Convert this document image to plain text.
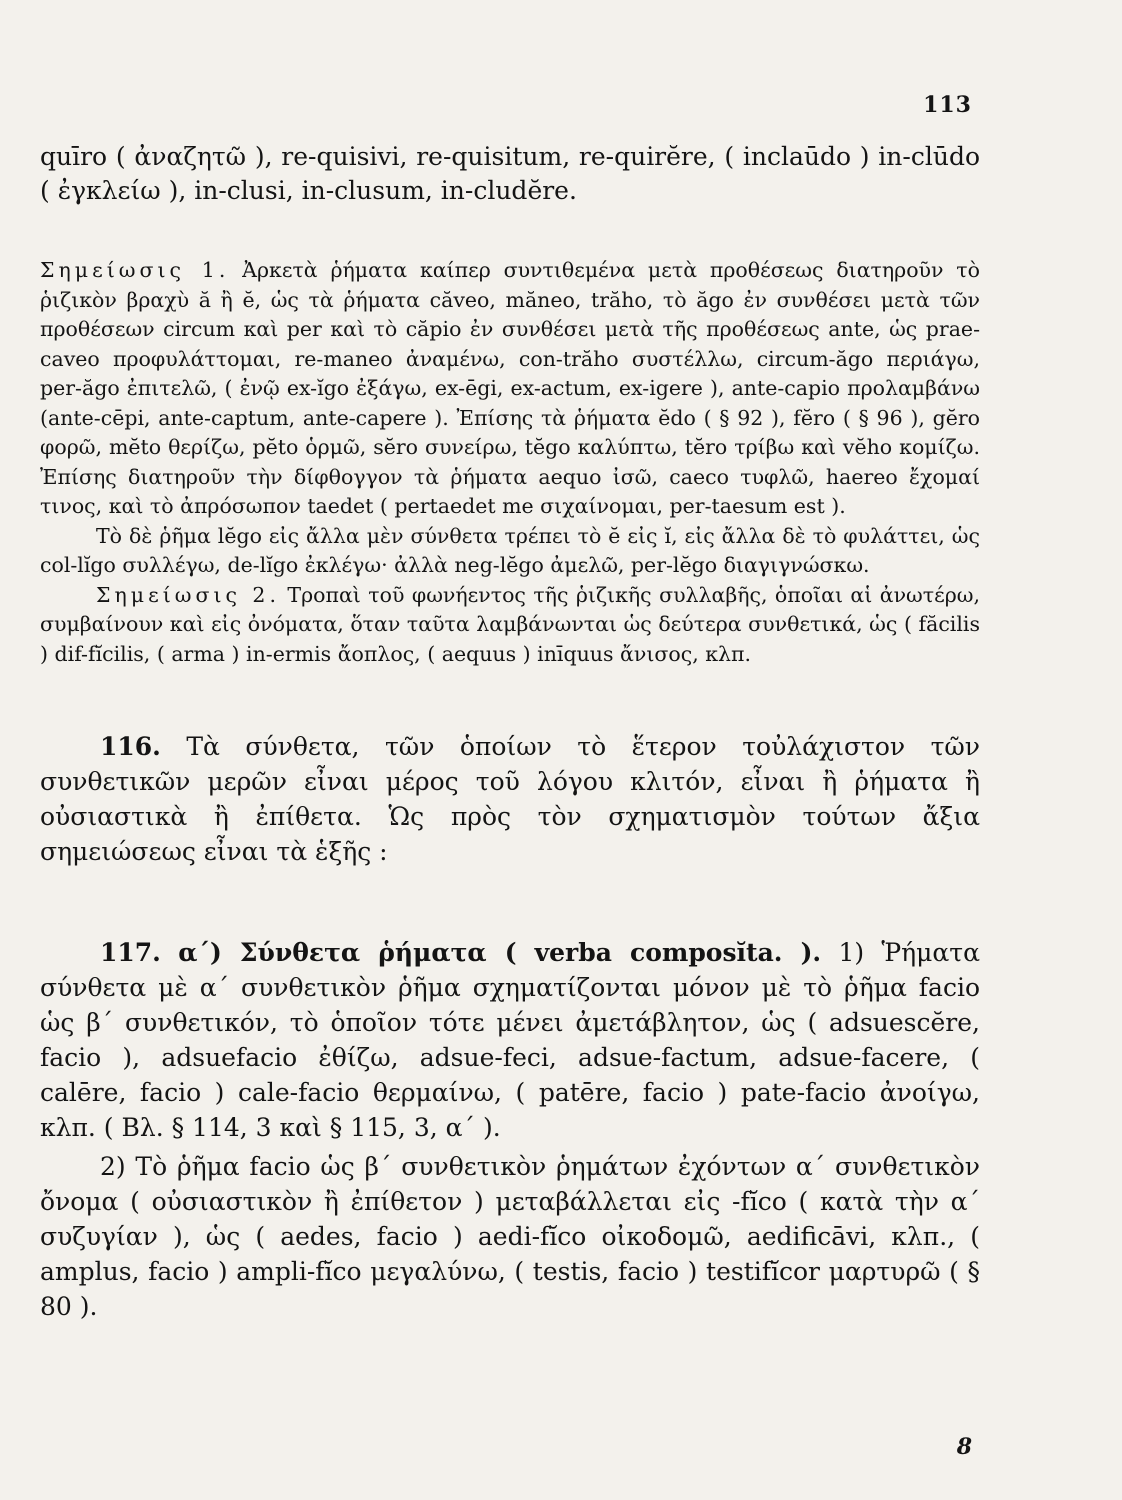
113

quīro ( ἀναζητῶ ), re-quisivi, re-quisitum, re-quirĕre, ( inclaūdo ) in-clūdo ( ἐγκλείω ), in-clusi, in-clusum, in-cludĕre.

Σημείωσις 1. Ἀρκετὰ ῥήματα καίπερ συντιθεμένα μετὰ προθέσεως διατηροῦν τὸ ῥιζικὸν βραχὺ ă ἢ ĕ, ὡς τὰ ῥήματα căveo, măneo, trăho, τὸ ăgo ἐν συνθέσει μετὰ τῶν προθέσεων circum καὶ per καὶ τὸ căpio ἐν συνθέσει μετὰ τῆς προθέσεως ante, ὡς prae-caveo προφυλάττομαι, re-maneo ἀναμένω, con-trăho συστέλλω, circum-ăgo περιάγω, per-ăgo ἐπιτελῶ, ( ἐνῷ ex-ĭgo ἐξάγω, ex-ēgi, ex-actum, ex-igere ), ante-capio προλαμβάνω (ante-cēpi, ante-captum, ante-capere ). Ἐπίσης τὰ ῥήματα ĕdo ( § 92 ), fĕro ( § 96 ), gĕro φορῶ, mĕto θερίζω, pĕto ὁρμῶ, sĕro συνείρω, tĕgo καλύπτω, tĕro τρίβω καὶ vĕho κομίζω. Ἐπίσης διατηροῦν τὴν δίφθογγον τὰ ῥήματα aequo ἰσῶ, caeco τυφλῶ, haereo ἔχομαί τινος, καὶ τὸ ἀπρόσωπον taedet ( pertaedet me σιχαίνομαι, per-taesum est ).

Τὸ δὲ ῥῆμα lĕgo εἰς ἄλλα μὲν σύνθετα τρέπει τὸ ĕ εἰς ĭ, εἰς ἄλλα δὲ τὸ φυλάττει, ὡς col-lĭgo συλλέγω, de-lĭgo ἐκλέγω· ἀλλὰ neg-lĕgo ἀμελῶ, per-lĕgo διαγιγνώσκω.

Σημείωσις 2. Τροπαὶ τοῦ φωνήεντος τῆς ῥιζικῆς συλλαβῆς, ὁποῖαι αἱ ἀνωτέρω, συμβαίνουν καὶ εἰς ὀνόματα, ὅταν ταῦτα λαμβάνωνται ὡς δεύτερα συνθετικά, ὡς ( făcilis ) dif-fĭcilis, ( arma ) in-ermis ἄοπλος, ( aequus ) inīquus ἄνισος, κλπ.

116. Τὰ σύνθετα, τῶν ὁποίων τὸ ἕτερον τοὐλάχιστον τῶν συνθετικῶν μερῶν εἶναι μέρος τοῦ λόγου κλιτόν, εἶναι ἢ ῥήματα ἢ οὐσιαστικὰ ἢ ἐπίθετα. Ὡς πρὸς τὸν σχηματισμὸν τούτων ἄξια σημειώσεως εἶναι τὰ ἑξῆς :

117. α΄) Σύνθετα ῥήματα ( verba composĭta. ). 1) Ῥήματα σύνθετα μὲ α΄ συνθετικὸν ῥῆμα σχηματίζονται μόνον μὲ τὸ ῥῆμα facio ὡς β΄ συνθετικόν, τὸ ὁποῖον τότε μένει ἀμετάβλητον, ὡς ( adsuescĕre, facio ), adsuefacio ἐθίζω, adsue-feci, adsue-factum, adsue-facere, ( calēre, facio ) cale-facio θερμαίνω, ( patēre, facio ) pate-facio ἀνοίγω, κλπ. ( Βλ. § 114, 3 καὶ § 115, 3, α΄ ).

2) Τὸ ῥῆμα facio ὡς β΄ συνθετικὸν ῥημάτων ἐχόντων α΄ συνθετικὸν ὄνομα ( οὐσιαστικὸν ἢ ἐπίθετον ) μεταβάλλεται εἰς -fĭco ( κατὰ τὴν α΄ συζυγίαν ), ὡς ( aedes, facio ) aedi-fĭco οἰκοδομῶ, aedificāvi, κλπ., ( amplus, facio ) ampli-fĭco μεγαλύνω, ( testis, facio ) testifĭcor μαρτυρῶ ( § 80 ).

8
